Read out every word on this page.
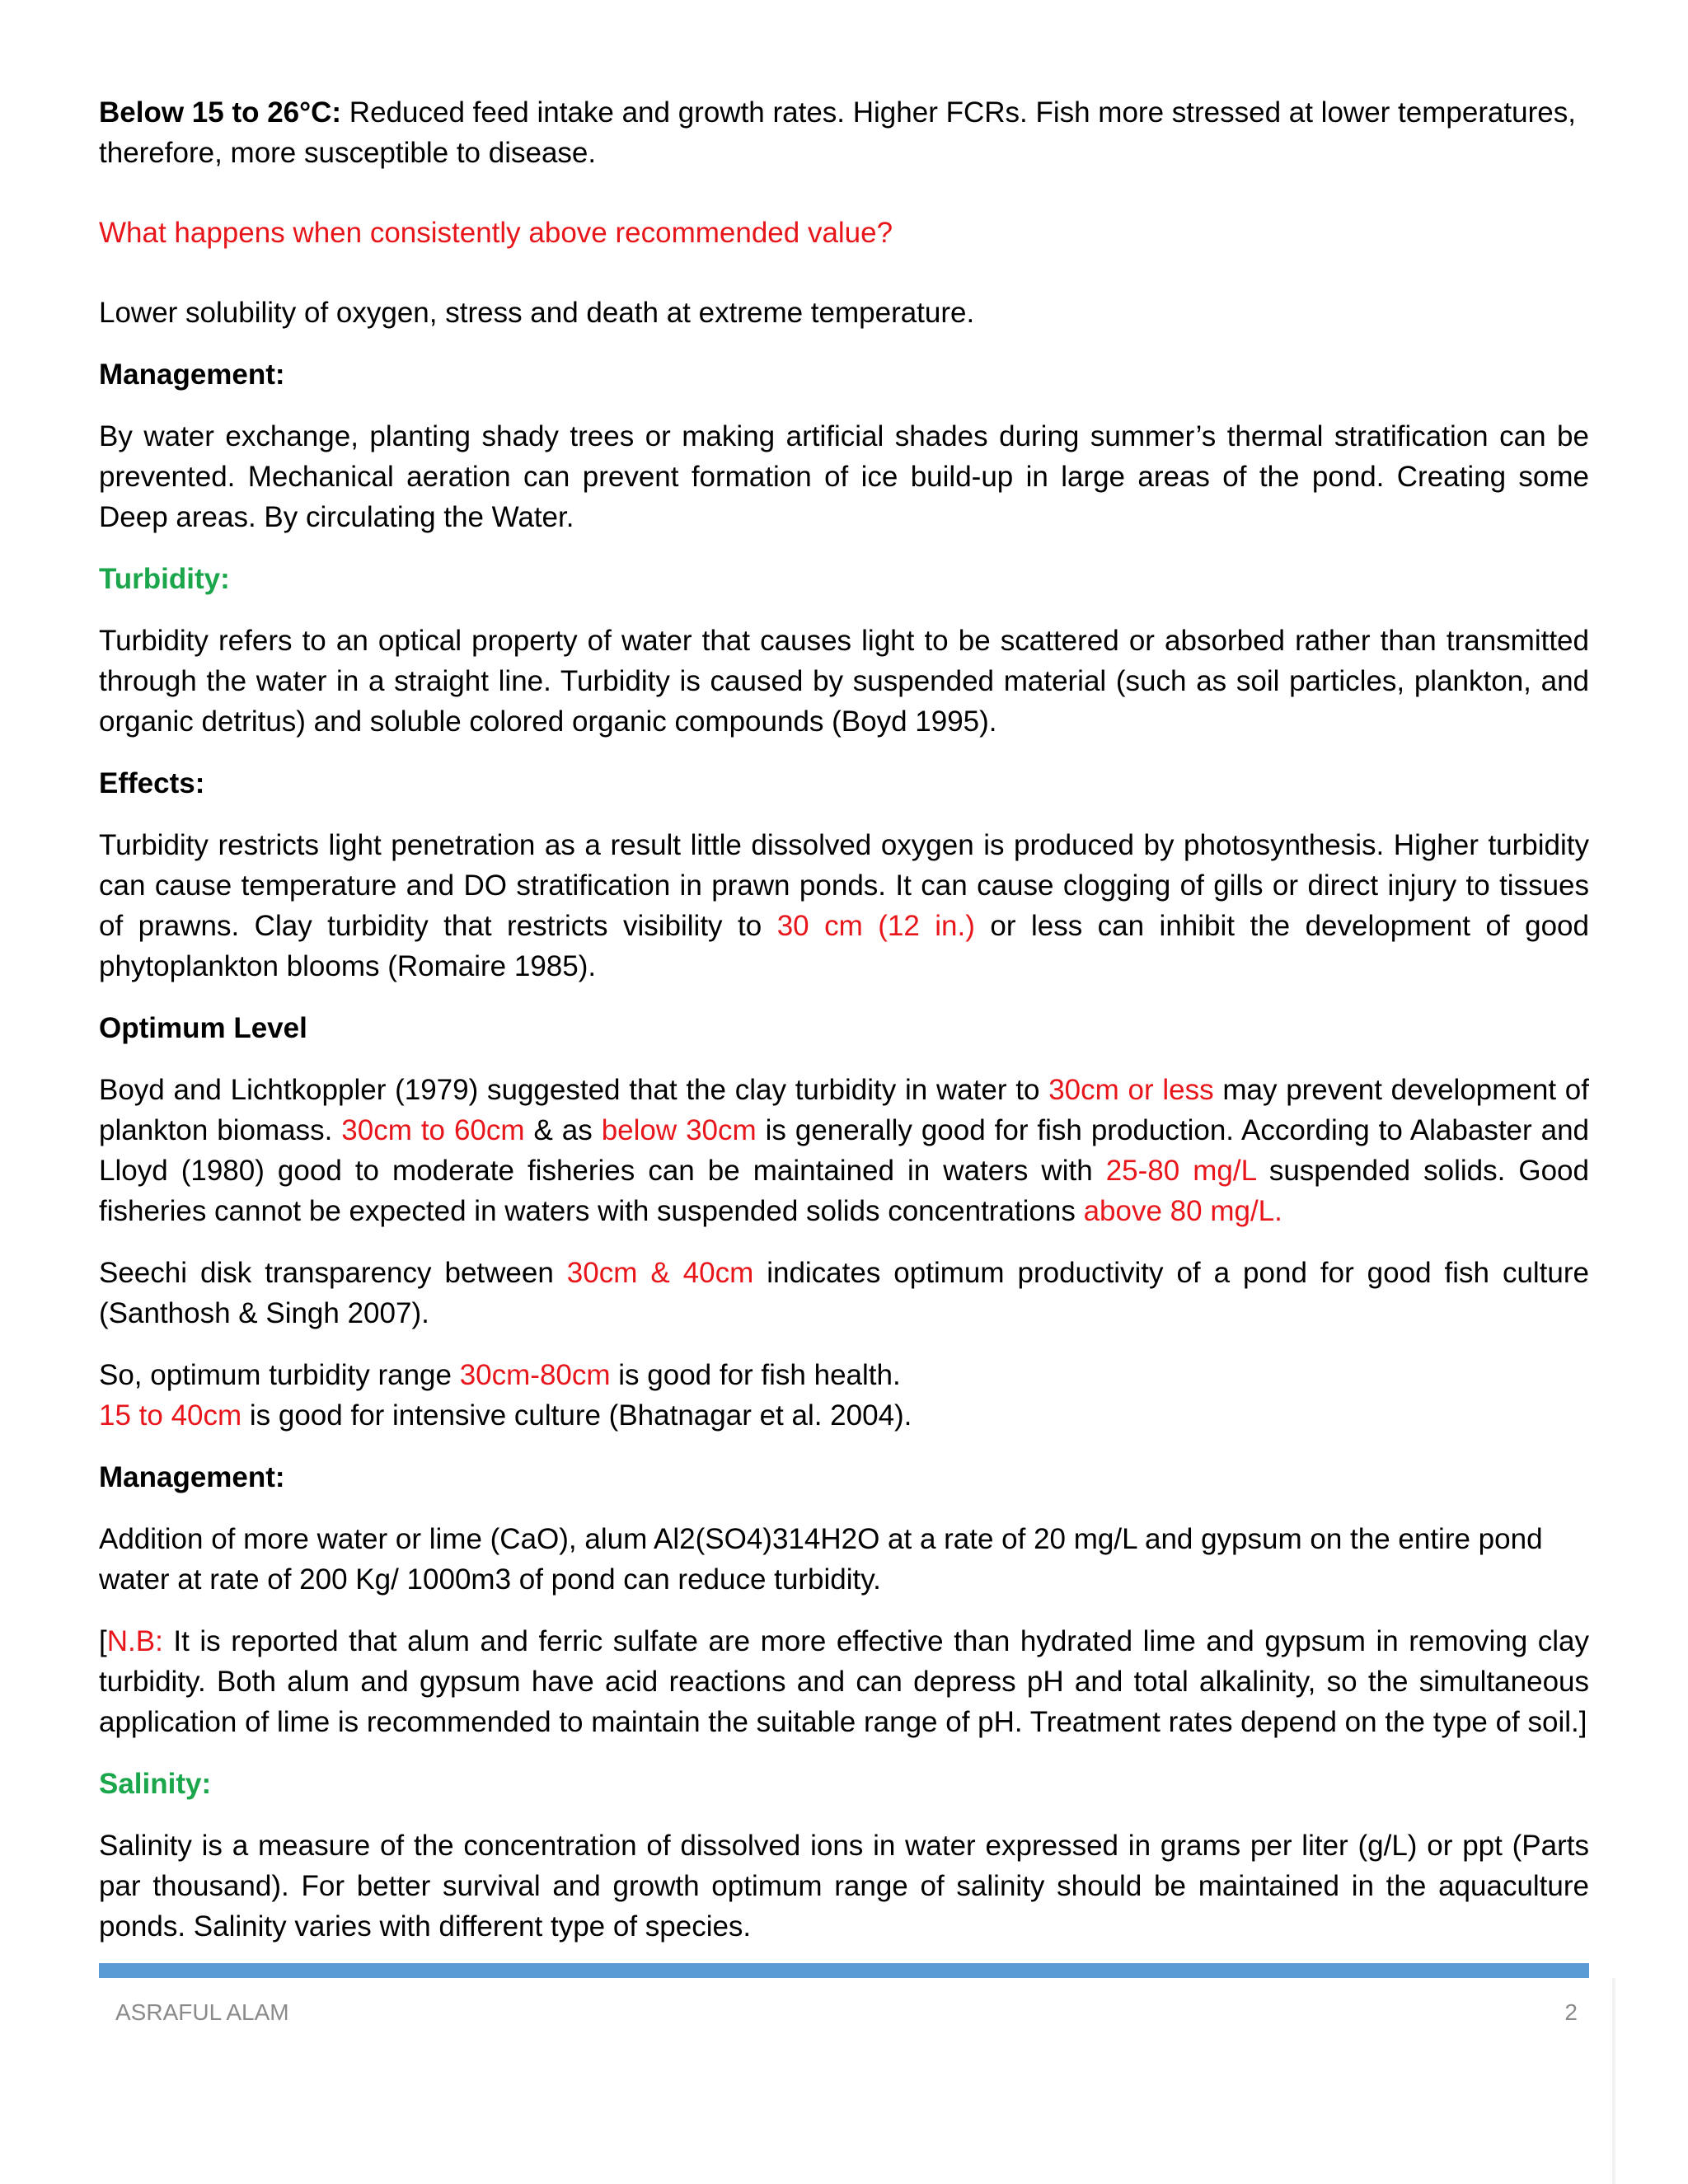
Below 15 to 26°C: Reduced feed intake and growth rates. Higher FCRs. Fish more stressed at lower temperatures, therefore, more susceptible to disease.

What happens when consistently above recommended value?

Lower solubility of oxygen, stress and death at extreme temperature.

Management:

By water exchange, planting shady trees or making artificial shades during summer’s thermal stratification can be prevented. Mechanical aeration can prevent formation of ice build-up in large areas of the pond. Creating some Deep areas. By circulating the Water.

Turbidity:

Turbidity refers to an optical property of water that causes light to be scattered or absorbed rather than transmitted through the water in a straight line. Turbidity is caused by suspended material (such as soil particles, plankton, and organic detritus) and soluble colored organic compounds (Boyd 1995).

Effects:

Turbidity restricts light penetration as a result little dissolved oxygen is produced by photosynthesis. Higher turbidity can cause temperature and DO stratification in prawn ponds. It can cause clogging of gills or direct injury to tissues of prawns. Clay turbidity that restricts visibility to 30 cm (12 in.) or less can inhibit the development of good phytoplankton blooms (Romaire 1985).

Optimum Level

Boyd and Lichtkoppler (1979) suggested that the clay turbidity in water to 30cm or less may prevent development of plankton biomass. 30cm to 60cm & as below 30cm is generally good for fish production. According to Alabaster and Lloyd (1980) good to moderate fisheries can be maintained in waters with 25-80 mg/L suspended solids. Good fisheries cannot be expected in waters with suspended solids concentrations above 80 mg/L.

Seechi disk transparency between 30cm & 40cm indicates optimum productivity of a pond for good fish culture (Santhosh & Singh 2007).

So, optimum turbidity range 30cm-80cm is good for fish health.
15 to 40cm is good for intensive culture (Bhatnagar et al. 2004).

Management:

Addition of more water or lime (CaO), alum Al2(SO4)314H2O at a rate of 20 mg/L and gypsum on the entire pond water at rate of 200 Kg/ 1000m3 of pond can reduce turbidity.

[N.B: It is reported that alum and ferric sulfate are more effective than hydrated lime and gypsum in removing clay turbidity. Both alum and gypsum have acid reactions and can depress pH and total alkalinity, so the simultaneous application of lime is recommended to maintain the suitable range of pH. Treatment rates depend on the type of soil.]

Salinity:

Salinity is a measure of the concentration of dissolved ions in water expressed in grams per liter (g/L) or ppt (Parts par thousand). For better survival and growth optimum range of salinity should be maintained in the aquaculture ponds. Salinity varies with different type of species.

ASRAFUL ALAM	2
